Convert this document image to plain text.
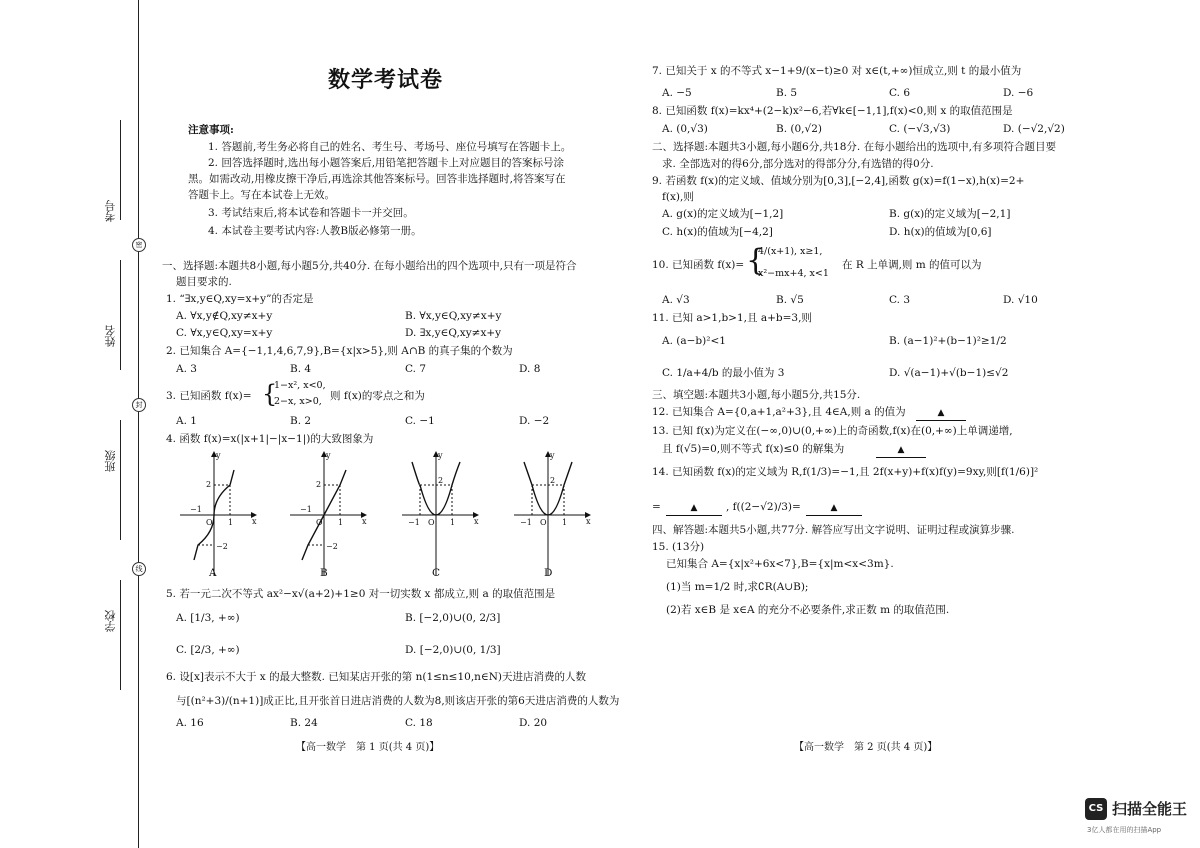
考号
密
姓名
封
班级
线
学校
数学考试卷
注意事项:
1. 答题前,考生务必将自己的姓名、考生号、考场号、座位号填写在答题卡上。
2. 回答选择题时,选出每小题答案后,用铅笔把答题卡上对应题目的答案标号涂
黑。如需改动,用橡皮擦干净后,再选涂其他答案标号。回答非选择题时,将答案写在
答题卡上。写在本试卷上无效。
3. 考试结束后,将本试卷和答题卡一并交回。
4. 本试卷主要考试内容:人教B版必修第一册。
一、选择题:本题共8小题,每小题5分,共40分. 在每小题给出的四个选项中,只有一项是符合
题目要求的.
1. “∃x,y∈Q,xy=x+y”的否定是
A. ∀x,y∉Q,xy≠x+y	B. ∀x,y∈Q,xy≠x+y
C. ∀x,y∈Q,xy=x+y	D. ∃x,y∈Q,xy≠x+y
2. 已知集合 A={−1,1,4,6,7,9},B={x|x>5},则 A∩B 的真子集的个数为
A. 3	B. 4	C. 7	D. 8
3. 已知函数 f(x)= {
1−x², x<0,
2−x, x>0, 则 f(x)的零点之和为
A. 1	B. 2	C. −1	D. −2
4. 函数 f(x)=x(|x+1|−|x−1|)的大致图象为
y
x
2
−1
O 1
−2
y
x
2
−1
O 1
−2
y
x
2
−1 O 1
y
x
2
−1 O 1
A	B	C	D
5. 若一元二次不等式 ax²−x√(a+2)+1≥0 对一切实数 x 都成立,则 a 的取值范围是
A. [1/3, +∞)	B. [−2,0)∪(0, 2/3]
C. [2/3, +∞)	D. [−2,0)∪(0, 1/3]
6. 设[x]表示不大于 x 的最大整数. 已知某店开张的第 n(1≤n≤10,n∈N)天进店消费的人数
与[(n²+3)/(n+1)]成正比,且开张首日进店消费的人数为8,则该店开张的第6天进店消费的人数为
A. 16	B. 24	C. 18	D. 20
【高一数学　第 1 页(共 4 页)】
7. 已知关于 x 的不等式 x−1+9/(x−t)≥0 对 x∈(t,+∞)恒成立,则 t 的最小值为
A. −5	B. 5	C. 6	D. −6
8. 已知函数 f(x)=kx⁴+(2−k)x²−6,若∀k∈[−1,1],f(x)<0,则 x 的取值范围是
A. (0,√3)	B. (0,√2)	C. (−√3,√3)	D. (−√2,√2)
二、选择题:本题共3小题,每小题6分,共18分. 在每小题给出的选项中,有多项符合题目要
求. 全部选对的得6分,部分选对的得部分分,有选错的得0分.
9. 若函数 f(x)的定义域、值域分别为[0,3],[−2,4],函数 g(x)=f(1−x),h(x)=2+
f(x),则
A. g(x)的定义域为[−1,2]	B. g(x)的定义域为[−2,1]
C. h(x)的值域为[−4,2]	D. h(x)的值域为[0,6]
10. 已知函数 f(x)= {
4/(x+1), x≥1,
x²−mx+4, x<1
在 R 上单调,则 m 的值可以为
A. √3	B. √5	C. 3	D. √10
11. 已知 a>1,b>1,且 a+b=3,则
A. (a−b)²<1	B. (a−1)²+(b−1)²≥1/2
C. 1/a+4/b 的最小值为 3	D. √(a−1)+√(b−1)≤√2
三、填空题:本题共3小题,每小题5分,共15分.
12. 已知集合 A={0,a+1,a²+3},且 4∈A,则 a 的值为	▲
13. 已知 f(x)为定义在(−∞,0)∪(0,+∞)上的奇函数,f(x)在(0,+∞)上单调递增,
且 f(√5)=0,则不等式 f(x)≤0 的解集为	▲
14. 已知函数 f(x)的定义域为 R,f(1/3)=−1,且 2f(x+y)+f(x)f(y)=9xy,则[f(1/6)]²
=	▲	, f((2−√2)/3)=	▲
四、解答题:本题共5小题,共77分. 解答应写出文字说明、证明过程或演算步骤.
15. (13分)
已知集合 A={x|x²+6x<7},B={x|m<x<3m}.
(1)当 m=1/2 时,求∁R(A∪B);
(2)若 x∈B 是 x∈A 的充分不必要条件,求正数 m 的取值范围.
【高一数学　第 2 页(共 4 页)】
CS 扫描全能王
3亿人都在用的扫描App
